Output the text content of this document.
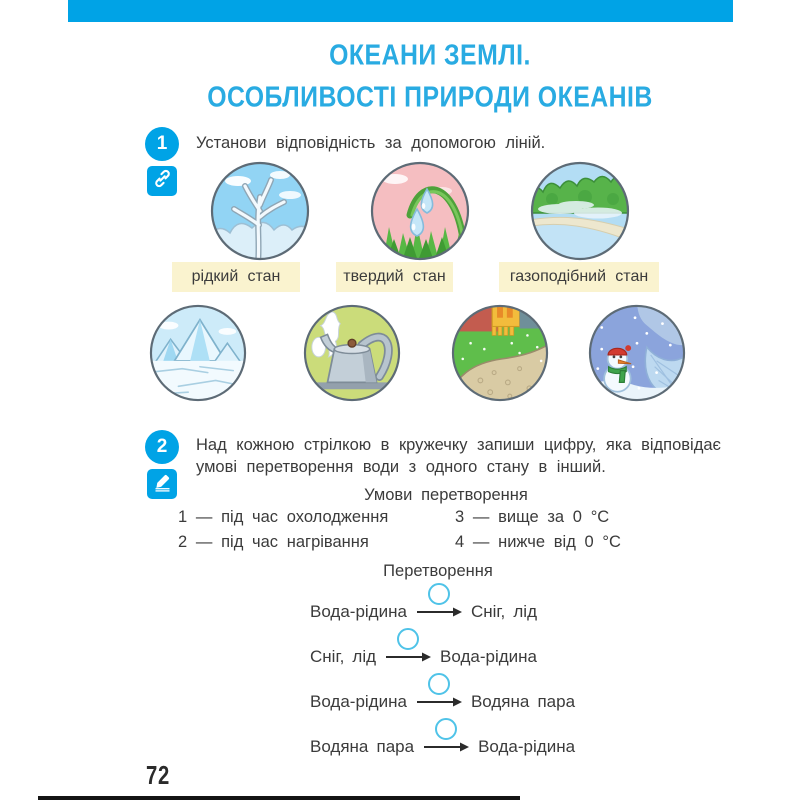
ОКЕАНИ ЗЕМЛІ.
ОСОБЛИВОСТІ ПРИРОДИ ОКЕАНІВ
1 Установи відповідність за допомогою ліній.
рідкий стан	твердий стан	газоподібний стан
2 Над кожною стрілкою в кружечку запиши цифру, яка відповідає
умові перетворення води з одного стану в інший.
Умови перетворення
1 — під час охолодження
2 — під час нагрівання
3 — вище за 0 °C
4 — нижче від 0 °C
Перетворення
Вода-рідина	Сніг, лід
Сніг, лід	Вода-рідина
Вода-рідина	Водяна пара
Водяна пара	Вода-рідина
72
